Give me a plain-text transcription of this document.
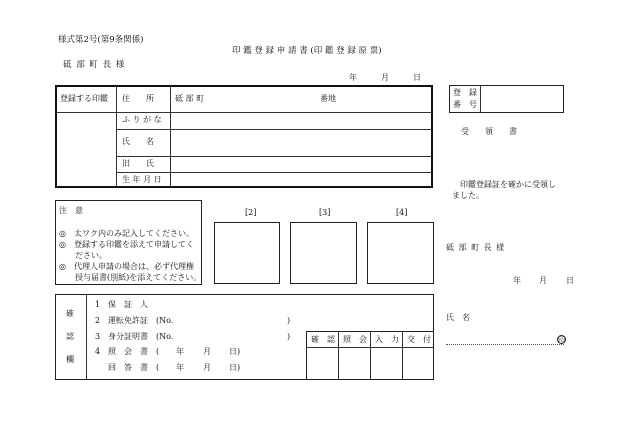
様式第2号(第9条関係)
印 鑑 登 録 申 請 書 (印 鑑 登 録 原 票)
砥 部 町 長 様
年	月	日
登録する印鑑 住　　所	砥 部 町	番地
ふ り が な
氏　　名
旧　　氏
生 年 月 日
登　録
番　号
受　　領　　書
印鑑登録証を確かに受領し
ました。
砥 部 町 長 様
年 月 日
氏　名
印
注　意
◎　太ワク内のみ記入してください。
◎　登録する印鑑を添えて申請してく
　　ださい。
◎　代理人申請の場合は、必ず代理権
　　授与届書(別紙)を添えてください。
[2]	[3]	[4]
確
認
欄
1 保　証　人
2 運転免許証　(No.	)
3 身分証明書　(No.	)
4 照　会　書　( 年 月 日)
回　答　書　( 年 月 日)
確　認 照　会 入　力 交　付
